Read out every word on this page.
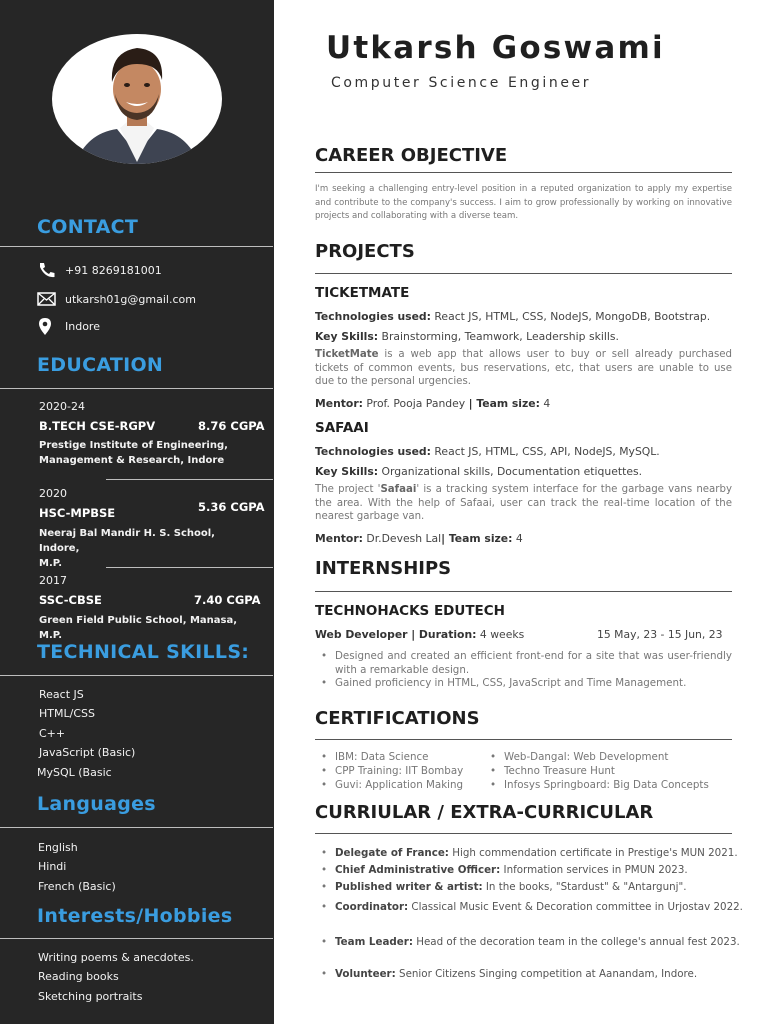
CONTACT
+91 8269181001
utkarsh01g@gmail.com
Indore
EDUCATION
2020-24
B.TECH CSE-RGPV	8.76 CGPA
Prestige Institute of Engineering,
Management & Research, Indore
2020
HSC-MPBSE	5.36 CGPA
Neeraj Bal Mandir H. S. School, Indore,
M.P.
2017
SSC-CBSE	7.40 CGPA
Green Field Public School, Manasa, M.P.
TECHNICAL SKILLS:
React JS
HTML/CSS
C++
JavaScript (Basic)
MySQL (Basic
Languages
English
Hindi
French (Basic)
Interests/Hobbies
Writing poems & anecdotes.
Reading books
Sketching portraits
Utkarsh Goswami
Computer Science Engineer
CAREER OBJECTIVE
I'm seeking a challenging entry-level position in a reputed organization to apply my expertise and contribute to the company's success. I aim to grow professionally by working on innovative projects and collaborating with a diverse team.
PROJECTS
TICKETMATE
Technologies used: React JS, HTML, CSS, NodeJS, MongoDB, Bootstrap.
Key Skills: Brainstorming, Teamwork, Leadership skills.
TicketMate is a web app that allows user to buy or sell already purchased tickets of common events, bus reservations, etc, that users are unable to use due to the personal urgencies.
Mentor: Prof. Pooja Pandey | Team size: 4
SAFAAI
Technologies used: React JS, HTML, CSS, API, NodeJS, MySQL.
Key Skills: Organizational skills, Documentation etiquettes.
The project 'Safaai' is a tracking system interface for the garbage vans nearby the area. With the help of Safaai, user can track the real-time location of the nearest garbage van.
Mentor: Dr.Devesh Lal| Team size: 4
INTERNSHIPS
TECHNOHACKS EDUTECH
Web Developer | Duration: 4 weeks	15 May, 23 - 15 Jun, 23
• Designed and created an efficient front-end for a site that was user-friendly with a remarkable design.
• Gained proficiency in HTML, CSS, JavaScript and Time Management.
CERTIFICATIONS
• IBM: Data Science
• CPP Training: IIT Bombay
• Guvi: Application Making
• Web-Dangal: Web Development
• Techno Treasure Hunt
• Infosys Springboard: Big Data Concepts
CURRIULAR / EXTRA-CURRICULAR
• Delegate of France: High commendation certificate in Prestige's MUN 2021.
• Chief Administrative Officer: Information services in PMUN 2023.
• Published writer & artist: In the books, "Stardust" & "Antargunj".
• Coordinator: Classical Music Event & Decoration committee in Urjostav 2022.
• Team Leader: Head of the decoration team in the college's annual fest 2023.
• Volunteer: Senior Citizens Singing competition at Aanandam, Indore.
